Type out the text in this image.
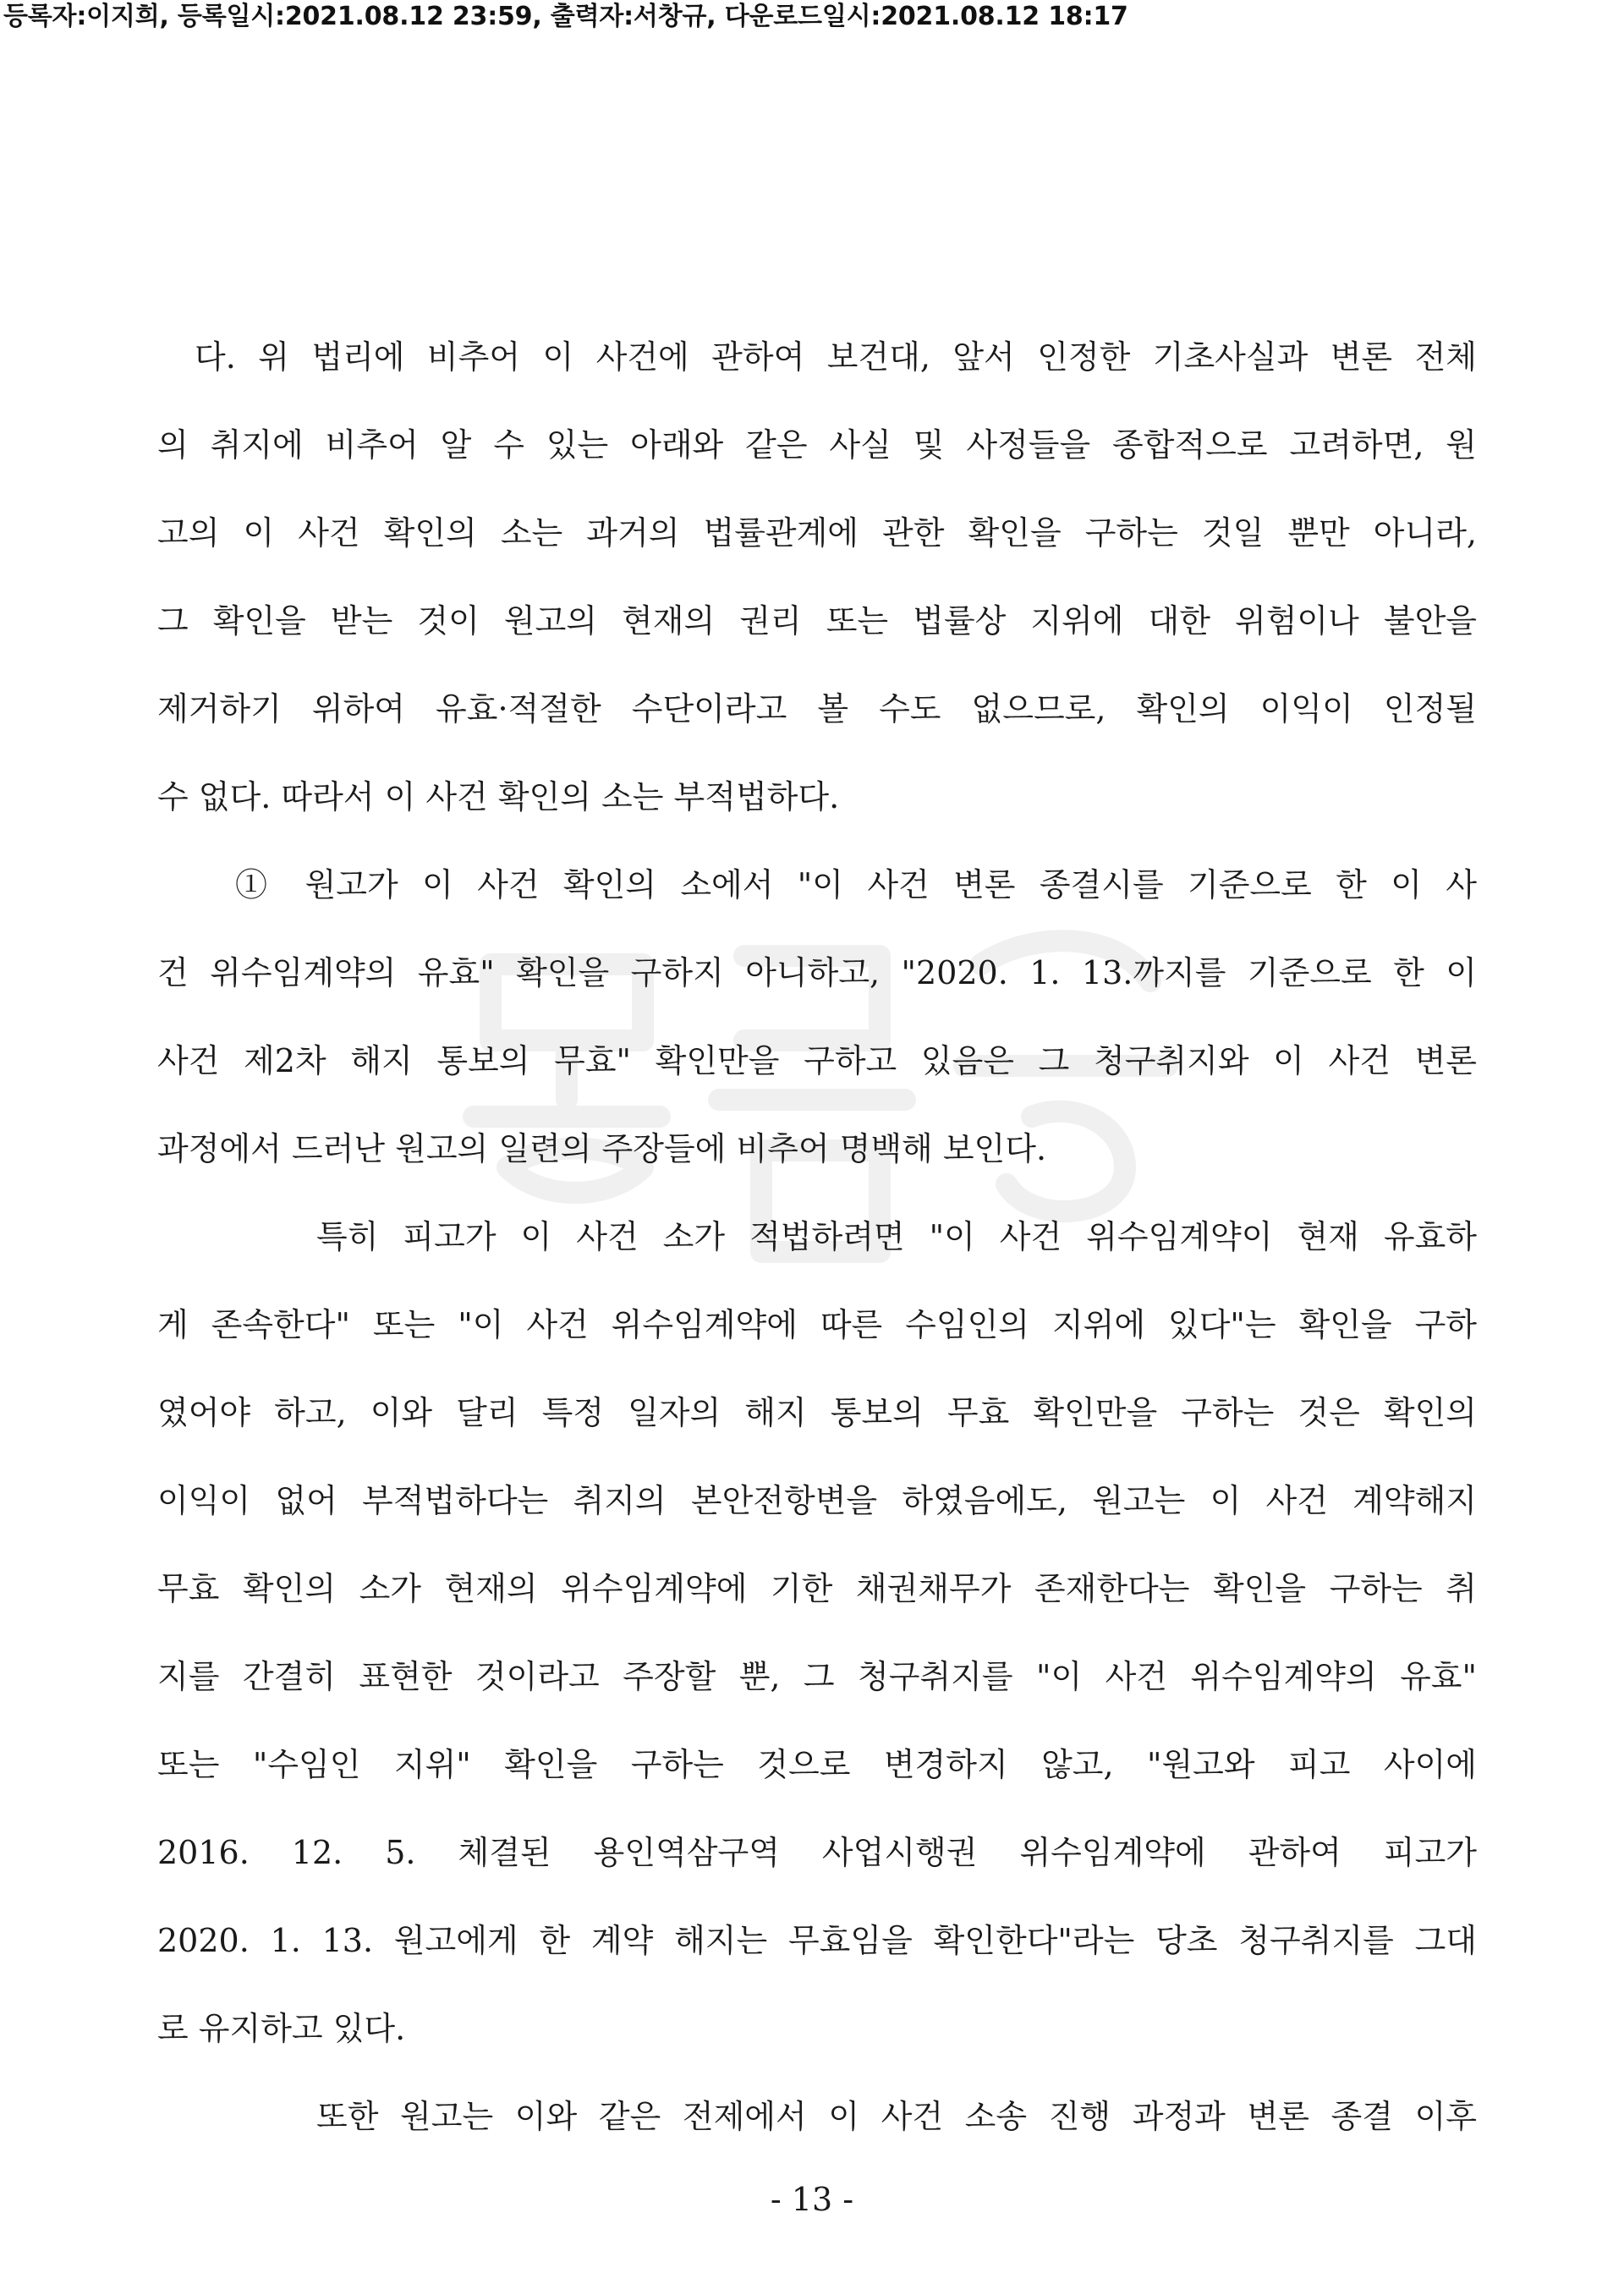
등록자:이지희, 등록일시:2021.08.12 23:59, 출력자:서창규, 다운로드일시:2021.08.12 18:17
다. 위 법리에 비추어 이 사건에 관하여 보건대, 앞서 인정한 기초사실과 변론 전체
의 취지에 비추어 알 수 있는 아래와 같은 사실 및 사정들을 종합적으로 고려하면, 원
고의 이 사건 확인의 소는 과거의 법률관계에 관한 확인을 구하는 것일 뿐만 아니라,
그 확인을 받는 것이 원고의 현재의 권리 또는 법률상 지위에 대한 위험이나 불안을
제거하기 위하여 유효·적절한 수단이라고 볼 수도 없으므로, 확인의 이익이 인정될
수 없다. 따라서 이 사건 확인의 소는 부적법하다.
① 원고가 이 사건 확인의 소에서 "이 사건 변론 종결시를 기준으로 한 이 사
건 위수임계약의 유효" 확인을 구하지 아니하고, "2020. 1. 13.까지를 기준으로 한 이
사건 제2차 해지 통보의 무효" 확인만을 구하고 있음은 그 청구취지와 이 사건 변론
과정에서 드러난 원고의 일련의 주장들에 비추어 명백해 보인다.
특히 피고가 이 사건 소가 적법하려면 "이 사건 위수임계약이 현재 유효하
게 존속한다" 또는 "이 사건 위수임계약에 따른 수임인의 지위에 있다"는 확인을 구하
였어야 하고, 이와 달리 특정 일자의 해지 통보의 무효 확인만을 구하는 것은 확인의
이익이 없어 부적법하다는 취지의 본안전항변을 하였음에도, 원고는 이 사건 계약해지
무효 확인의 소가 현재의 위수임계약에 기한 채권채무가 존재한다는 확인을 구하는 취
지를 간결히 표현한 것이라고 주장할 뿐, 그 청구취지를 "이 사건 위수임계약의 유효"
또는 "수임인 지위" 확인을 구하는 것으로 변경하지 않고, "원고와 피고 사이에
2016. 12. 5. 체결된 용인역삼구역 사업시행권 위수임계약에 관하여 피고가
2020. 1. 13. 원고에게 한 계약 해지는 무효임을 확인한다"라는 당초 청구취지를 그대
로 유지하고 있다.
또한 원고는 이와 같은 전제에서 이 사건 소송 진행 과정과 변론 종결 이후
- 13 -
